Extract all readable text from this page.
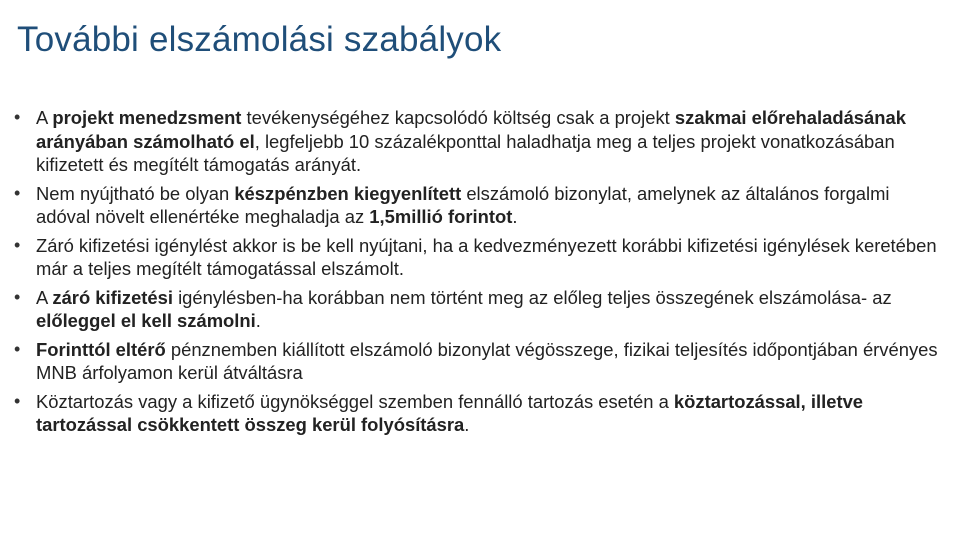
További elszámolási szabályok
• A projekt menedzsment tevékenységéhez kapcsolódó költség csak a projekt szakmai előrehaladásának arányában számolható el, legfeljebb 10 százalékponttal haladhatja meg a teljes projekt vonatkozásában kifizetett és megítélt támogatás arányát.
• Nem nyújtható be olyan készpénzben kiegyenlített elszámoló bizonylat, amelynek az általános forgalmi adóval növelt ellenértéke meghaladja az 1,5millió forintot.
• Záró kifizetési igénylést akkor is be kell nyújtani, ha a kedvezményezett korábbi kifizetési igénylések keretében már a teljes megítélt támogatással elszámolt.
• A záró kifizetési igénylésben-ha korábban nem történt meg az előleg teljes összegének elszámolása- az előleggel el kell számolni.
• Forinttól eltérő pénznemben kiállított elszámoló bizonylat végösszege, fizikai teljesítés időpontjában érvényes MNB árfolyamon kerül átváltásra
• Köztartozás vagy a kifizető ügynökséggel szemben fennálló tartozás esetén a köztartozással, illetve tartozással csökkentett összeg kerül folyósításra.
